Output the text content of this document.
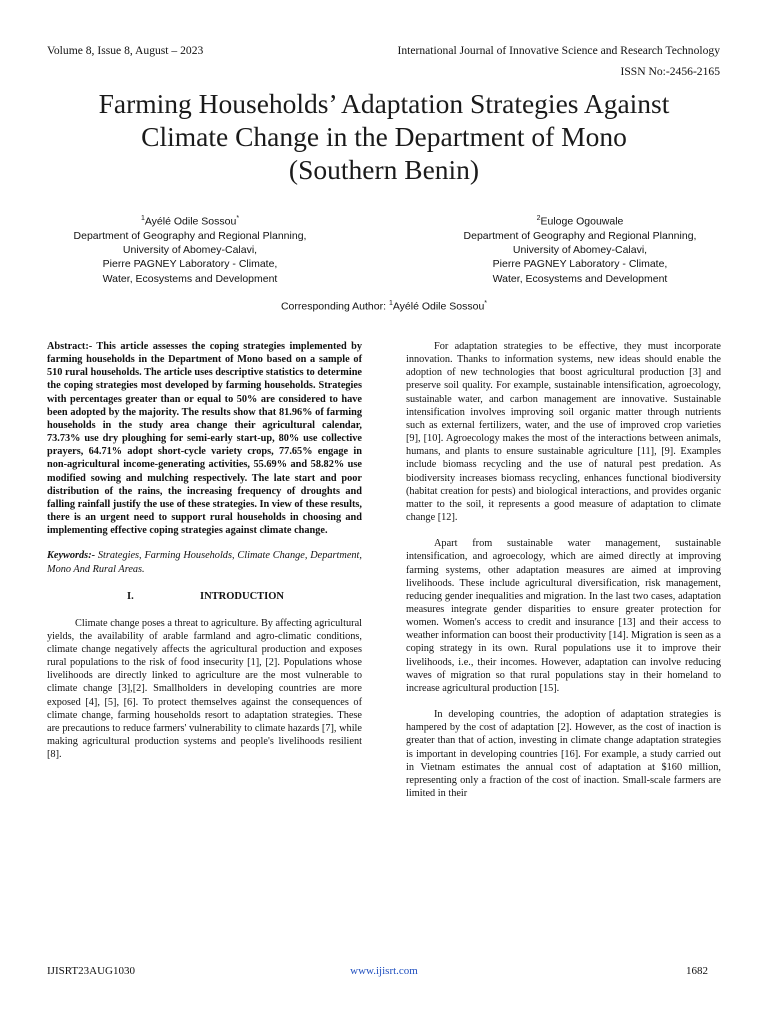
Volume 8, Issue 8, August – 2023	International Journal of Innovative Science and Research Technology
ISSN No:-2456-2165
Farming Households’ Adaptation Strategies Against
Climate Change in the Department of Mono
(Southern Benin)
$^1$Ayélé Odile Sossou*
Department of Geography and Regional Planning,
University of Abomey-Calavi,
Pierre PAGNEY Laboratory - Climate,
Water, Ecosystems and Development
$^2$Euloge Ogouwale
Department of Geography and Regional Planning,
University of Abomey-Calavi,
Pierre PAGNEY Laboratory - Climate,
Water, Ecosystems and Development
Corresponding Author: $^1$Ayélé Odile Sossou*

Abstract:- This article assesses the coping strategies implemented by farming households in the Department of Mono based on a sample of 510 rural households. The article uses descriptive statistics to determine the coping strategies most developed by farming households. Strategies with percentages greater than or equal to 50% are considered to have been adopted by the majority. The results show that 81.96% of farming households in the study area change their agricultural calendar, 73.73% use dry ploughing for semi-early start-up, 80% use collective prayers, 64.71% adopt short-cycle variety crops, 77.65% engage in non-agricultural income-generating activities, 55.69% and 58.82% use modified sowing and mulching respectively. The late start and poor distribution of the rains, the increasing frequency of droughts and falling rainfall justify the use of these strategies. In view of these results, there is an urgent need to support rural households in choosing and implementing effective coping strategies against climate change.

Keywords:- Strategies, Farming Households, Climate Change, Department, Mono And Rural Areas.

I.	INTRODUCTION

Climate change poses a threat to agriculture. By affecting agricultural yields, the availability of arable farmland and agro-climatic conditions, climate change negatively affects the agricultural production and exposes rural populations to the risk of food insecurity [1], [2]. Populations whose livelihoods are directly linked to agriculture are the most vulnerable to climate change [3],[2]. Smallholders in developing countries are more exposed [4], [5], [6]. To protect themselves against the consequences of climate change, farming households resort to adaptation strategies. These are precautions to reduce farmers' vulnerability to climate hazards [7], while making agricultural production systems and people's livelihoods resilient [8].

For adaptation strategies to be effective, they must incorporate innovation. Thanks to information systems, new ideas should enable the adoption of new technologies that boost agricultural production [3] and preserve soil quality. For example, sustainable intensification, agroecology, sustainable water, and carbon management are innovative. Sustainable intensification involves improving soil organic matter through nutrients such as external fertilizers, water, and the use of improved crop varieties [9], [10]. Agroecology makes the most of the interactions between animals, humans, and plants to ensure sustainable agriculture [11], [9]. Examples include biomass recycling and the use of natural pest predation. As biodiversity increases biomass recycling, enhances functional biodiversity (habitat creation for pests) and biological interactions, and provides organic matter to the soil, it represents a good measure of adaptation to climate change [12].

Apart from sustainable water management, sustainable intensification, and agroecology, which are aimed directly at improving farming systems, other adaptation measures are aimed at improving livelihoods. These include agricultural diversification, risk management, reducing gender inequalities and migration. In the last two cases, adaptation measures integrate gender disparities to ensure greater protection for women. Women's access to credit and insurance [13] and their access to weather information can boost their productivity [14]. Migration is seen as a coping strategy in its own. Rural populations use it to improve their livelihoods, i.e., their incomes. However, adaptation can involve reducing waves of migration so that rural populations stay in their homeland to increase agricultural production [15].

In developing countries, the adoption of adaptation strategies is hampered by the cost of adaptation [2]. However, as the cost of inaction is greater than that of action, investing in climate change adaptation strategies is important in developing countries [16]. For example, a study carried out in Vietnam estimates the annual cost of adaptation at $160 million, representing only a fraction of the cost of inaction. Small-scale farmers are limited in their

IJISRT23AUG1030	www.ijisrt.com	1682
